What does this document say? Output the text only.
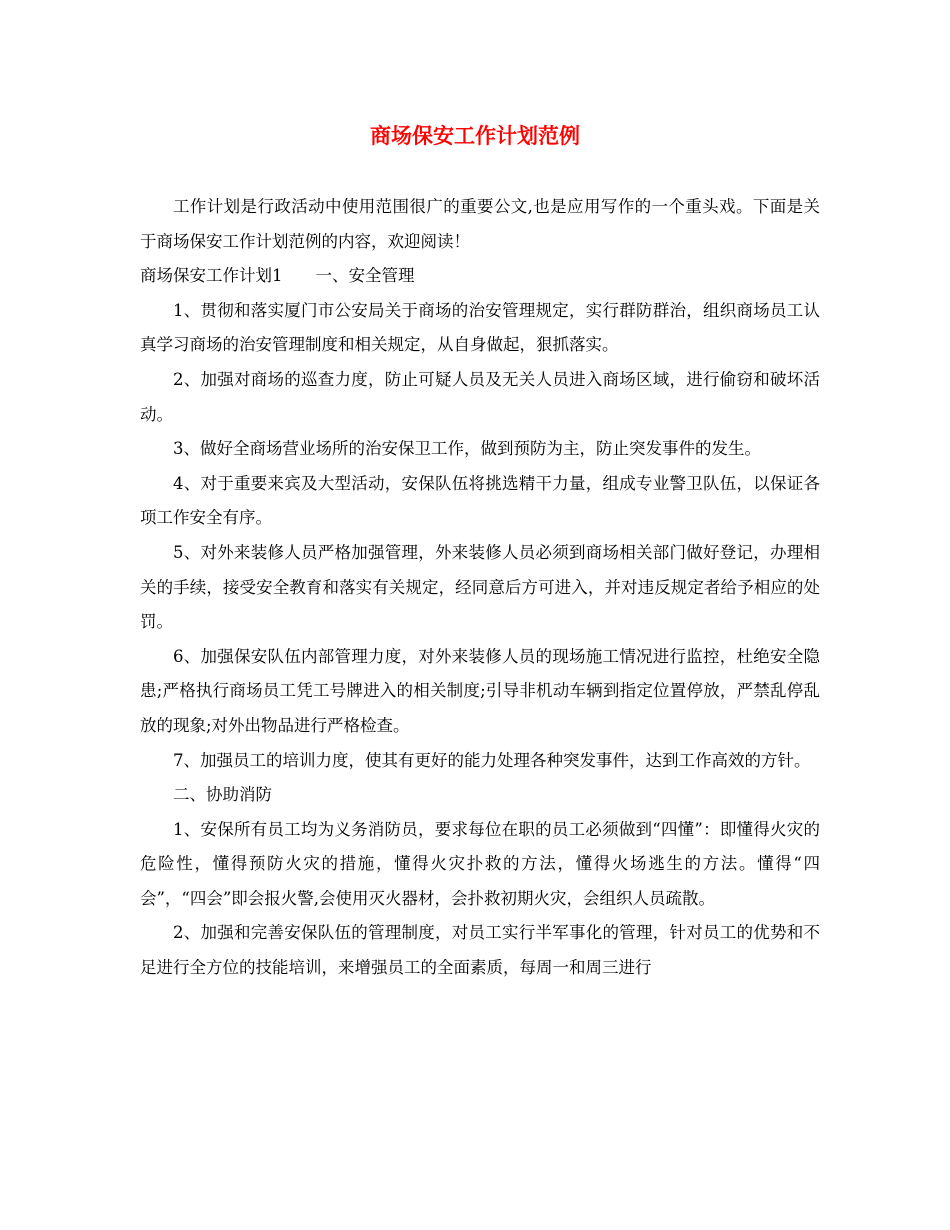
商场保安工作计划范例

工作计划是行政活动中使用范围很广的重要公文,也是应用写作的一个重头戏。下面是关于商场保安工作计划范例的内容，欢迎阅读！

商场保安工作计划1　　一、安全管理

1、贯彻和落实厦门市公安局关于商场的治安管理规定，实行群防群治，组织商场员工认真学习商场的治安管理制度和相关规定，从自身做起，狠抓落实。

2、加强对商场的巡查力度，防止可疑人员及无关人员进入商场区域，进行偷窃和破坏活动。

3、做好全商场营业场所的治安保卫工作，做到预防为主，防止突发事件的发生。

4、对于重要来宾及大型活动，安保队伍将挑选精干力量，组成专业警卫队伍，以保证各项工作安全有序。

5、对外来装修人员严格加强管理，外来装修人员必须到商场相关部门做好登记，办理相关的手续，接受安全教育和落实有关规定，经同意后方可进入，并对违反规定者给予相应的处罚。

6、加强保安队伍内部管理力度，对外来装修人员的现场施工情况进行监控，杜绝安全隐患;严格执行商场员工凭工号牌进入的相关制度;引导非机动车辆到指定位置停放，严禁乱停乱放的现象;对外出物品进行严格检查。

7、加强员工的培训力度，使其有更好的能力处理各种突发事件，达到工作高效的方针。

二、协助消防

1、安保所有员工均为义务消防员，要求每位在职的员工必须做到“四懂”：即懂得火灾的危险性，懂得预防火灾的措施，懂得火灾扑救的方法，懂得火场逃生的方法。懂得“四会”，“四会”即会报火警,会使用灭火器材，会扑救初期火灾，会组织人员疏散。

2、加强和完善安保队伍的管理制度，对员工实行半军事化的管理，针对员工的优势和不足进行全方位的技能培训，来增强员工的全面素质，每周一和周三进行
